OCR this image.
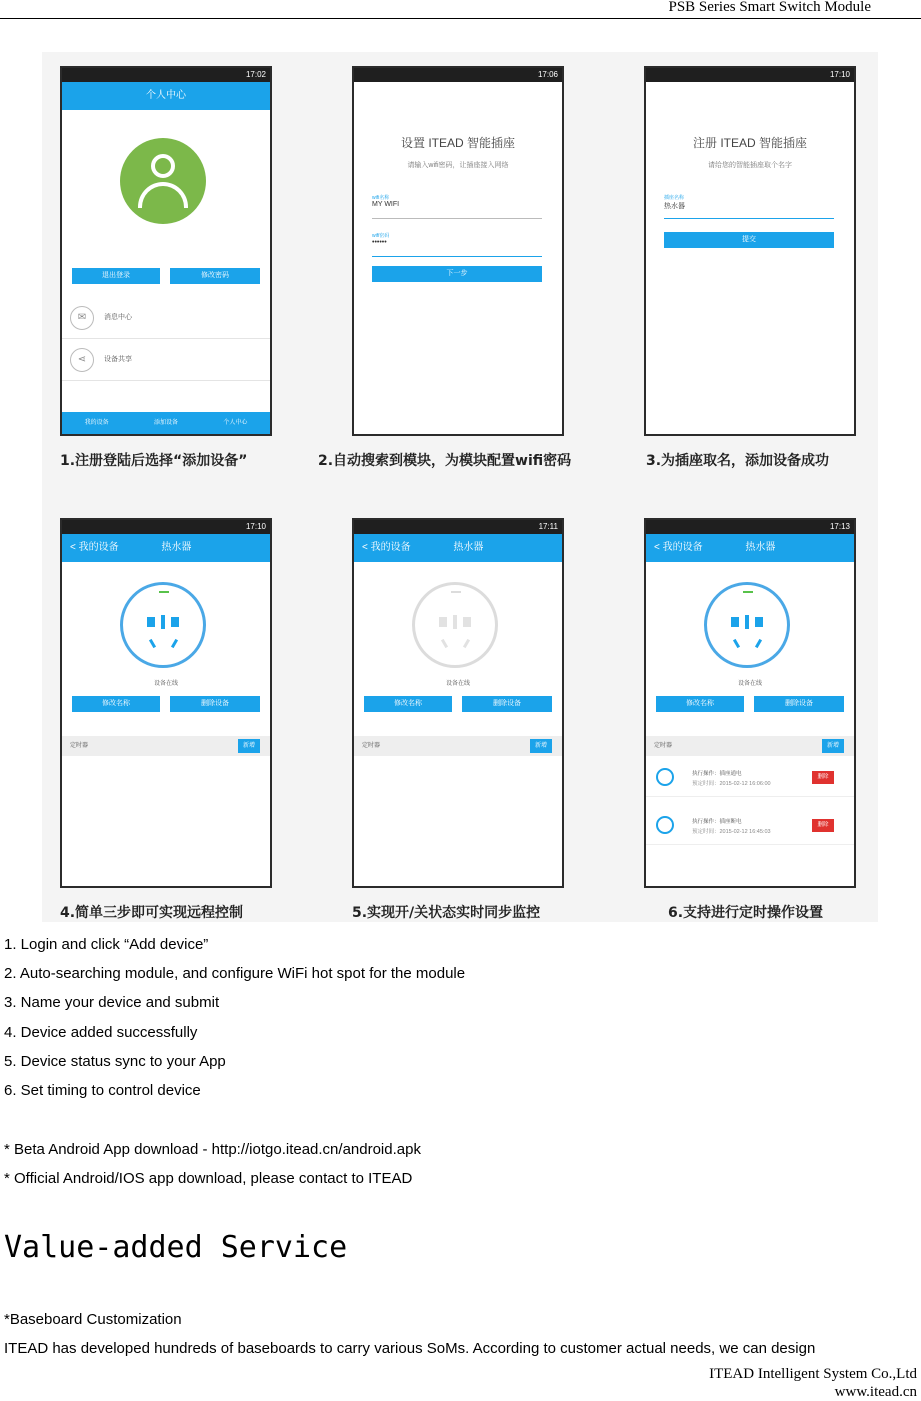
PSB Series Smart Switch Module
17:02
个人中心
退出登录	修改密码
✉	消息中心
⋖	设备共享
我的设备	添加设备	个人中心
1.注册登陆后选择“添加设备”
17:06
设置 ITEAD 智能插座
请输入wifi密码，让插座接入网络
wifi名称
MY WIFI
wifi密码
••••••
下一步
2.自动搜索到模块，为模块配置wifi密码
17:10
注册 ITEAD 智能插座
请给您的智能插座取个名字
插座名称
热水器
提交
3.为插座取名，添加设备成功
17:10
< 我的设备	热水器
设备在线
修改名称	删除设备
定时器	新增
4.简单三步即可实现远程控制
17:11
< 我的设备	热水器
设备在线
修改名称	删除设备
定时器	新增
5.实现开/关状态实时同步监控
17:13
< 我的设备	热水器
设备在线
修改名称	删除设备
定时器	新增
执行操作：插座通电
预定时间：2015-02-12 16:06:00
删除
执行操作：插座断电
预定时间：2015-02-12 16:45:03
删除
6.支持进行定时操作设置
1. Login and click “Add device”
2. Auto-searching module, and configure WiFi hot spot for the module
3. Name your device and submit
4. Device added successfully
5. Device status sync to your App
6. Set timing to control device
* Beta Android App download - http://iotgo.itead.cn/android.apk
* Official Android/IOS app download, please contact to ITEAD
Value-added Service
*Baseboard Customization
ITEAD has developed hundreds of baseboards to carry various SoMs. According to customer actual needs, we can design
ITEAD Intelligent System Co.,Ltd
www.itead.cn
